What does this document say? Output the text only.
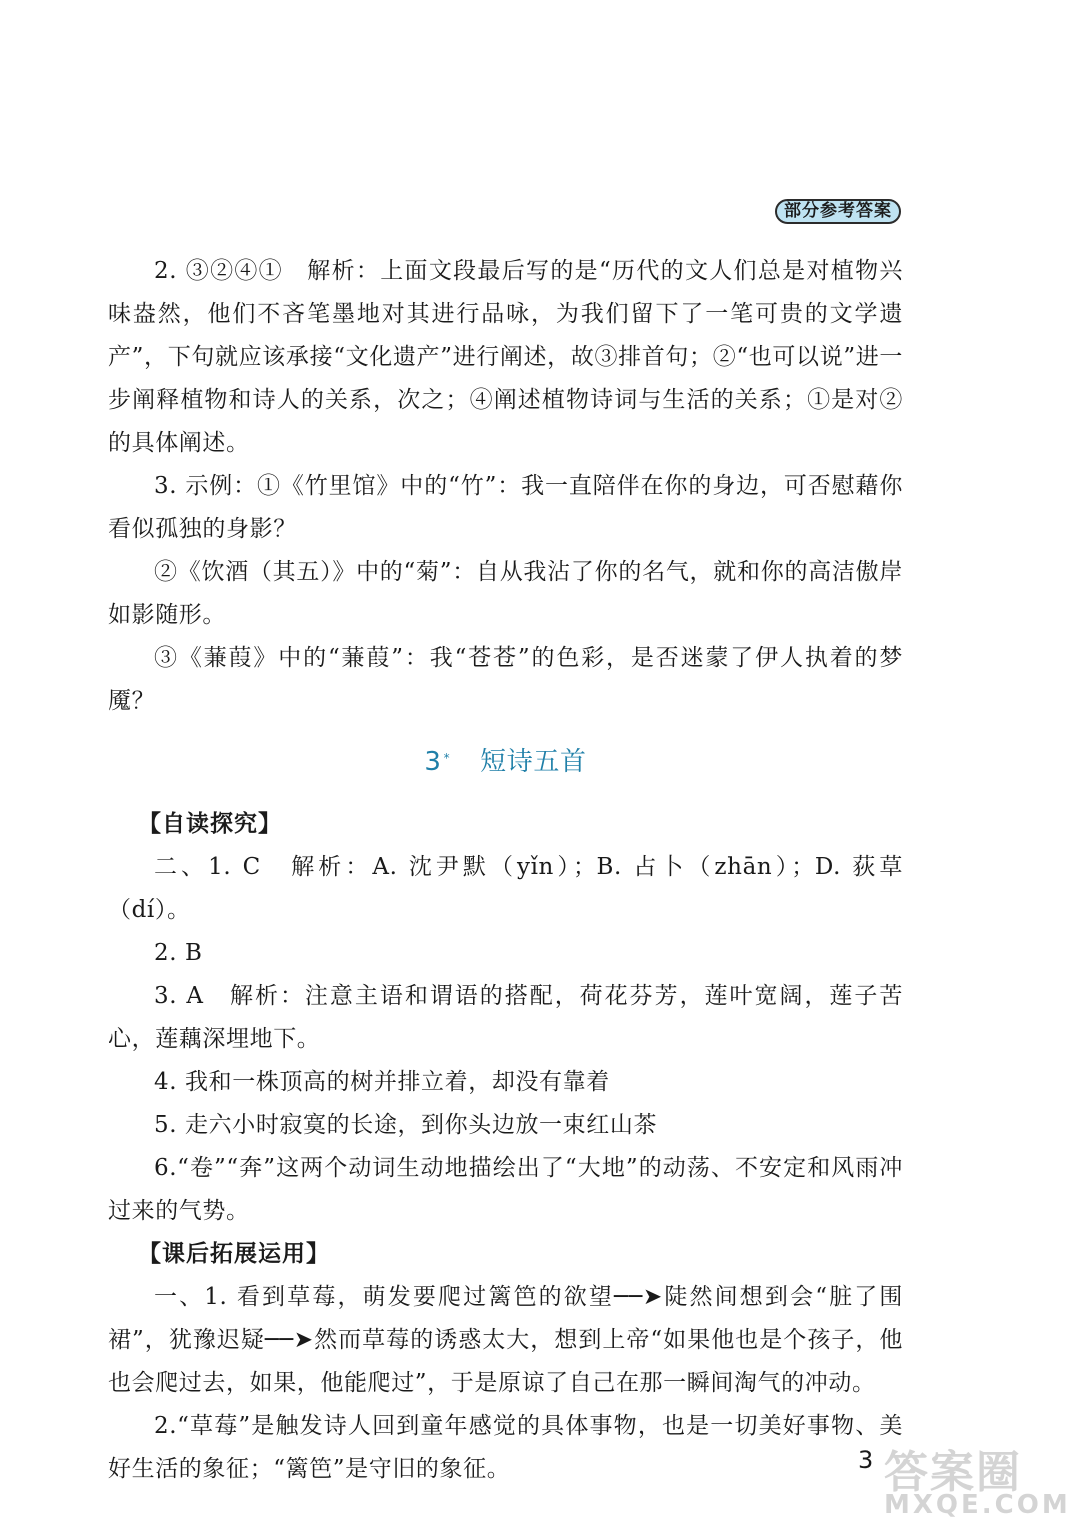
部分参考答案

2. ③②④①　解析：上面文段最后写的是“历代的文人们总是对植物兴味盎然，他们不吝笔墨地对其进行品咏，为我们留下了一笔可贵的文学遗产”，下句就应该承接“文化遗产”进行阐述，故③排首句；②“也可以说”进一步阐释植物和诗人的关系，次之；④阐述植物诗词与生活的关系；①是对②的具体阐述。

3. 示例：①《竹里馆》中的“竹”：我一直陪伴在你的身边，可否慰藉你看似孤独的身影？

②《饮酒（其五）》中的“菊”：自从我沾了你的名气，就和你的高洁傲岸如影随形。

③《蒹葭》中的“蒹葭”：我“苍苍”的色彩，是否迷蒙了伊人执着的梦魇？

3 * 短诗五首

【自读探究】

二、1. C　解析：A. 沈尹默（yǐn）；B. 占卜（zhān）；D. 荻草（dí）。

2. B

3. A　解析：注意主语和谓语的搭配，荷花芬芳，莲叶宽阔，莲子苦心，莲藕深埋地下。

4. 我和一株顶高的树并排立着，却没有靠着

5. 走六小时寂寞的长途，到你头边放一束红山茶

6.“卷”“奔”这两个动词生动地描绘出了“大地”的动荡、不安定和风雨冲过来的气势。

【课后拓展运用】

一、1. 看到草莓，萌发要爬过篱笆的欲望──➤陡然间想到会“脏了围裙”，犹豫迟疑──➤然而草莓的诱惑太大，想到上帝“如果他也是个孩子，他也会爬过去，如果，他能爬过”，于是原谅了自己在那一瞬间淘气的冲动。

2.“草莓”是触发诗人回到童年感觉的具体事物，也是一切美好事物、美好生活的象征；“篱笆”是守旧的象征。	3 答案圈
MXQE.COM
